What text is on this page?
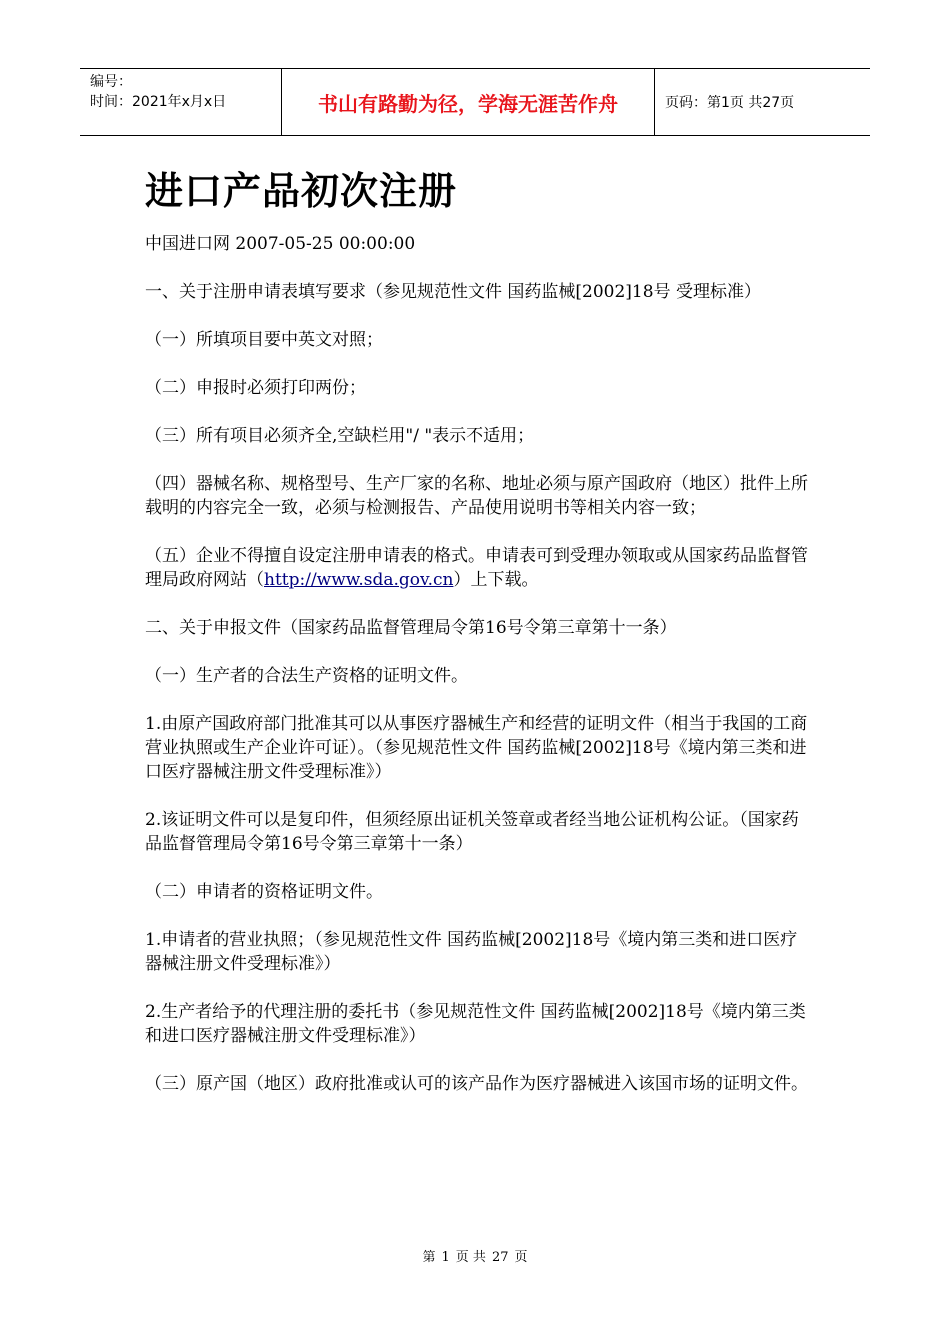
编号：
时间：2021年x月x日	书山有路勤为径，学海无涯苦作舟	页码：第1页 共27页
进口产品初次注册

中国进口网 2007-05-25 00:00:00

一、关于注册申请表填写要求（参见规范性文件 国药监械[2002]18号 受理标准）

（一）所填项目要中英文对照；

（二）申报时必须打印两份；

（三）所有项目必须齐全,空缺栏用"/ "表示不适用；

（四）器械名称、规格型号、生产厂家的名称、地址必须与原产国政府（地区）批件上所载明的内容完全一致，必须与检测报告、产品使用说明书等相关内容一致；

（五）企业不得擅自设定注册申请表的格式。申请表可到受理办领取或从国家药品监督管理局政府网站（http://www.sda.gov.cn）上下载。

二、关于申报文件（国家药品监督管理局令第16号令第三章第十一条）

（一）生产者的合法生产资格的证明文件。

1.由原产国政府部门批准其可以从事医疗器械生产和经营的证明文件（相当于我国的工商营业执照或生产企业许可证）。（参见规范性文件 国药监械[2002]18号《境内第三类和进口医疗器械注册文件受理标准》）

2.该证明文件可以是复印件，但须经原出证机关签章或者经当地公证机构公证。（国家药品监督管理局令第16号令第三章第十一条）

（二）申请者的资格证明文件。

1.申请者的营业执照；（参见规范性文件 国药监械[2002]18号《境内第三类和进口医疗器械注册文件受理标准》）

2.生产者给予的代理注册的委托书（参见规范性文件 国药监械[2002]18号《境内第三类和进口医疗器械注册文件受理标准》）

（三）原产国（地区）政府批准或认可的该产品作为医疗器械进入该国市场的证明文件。

第 1 页 共 27 页
